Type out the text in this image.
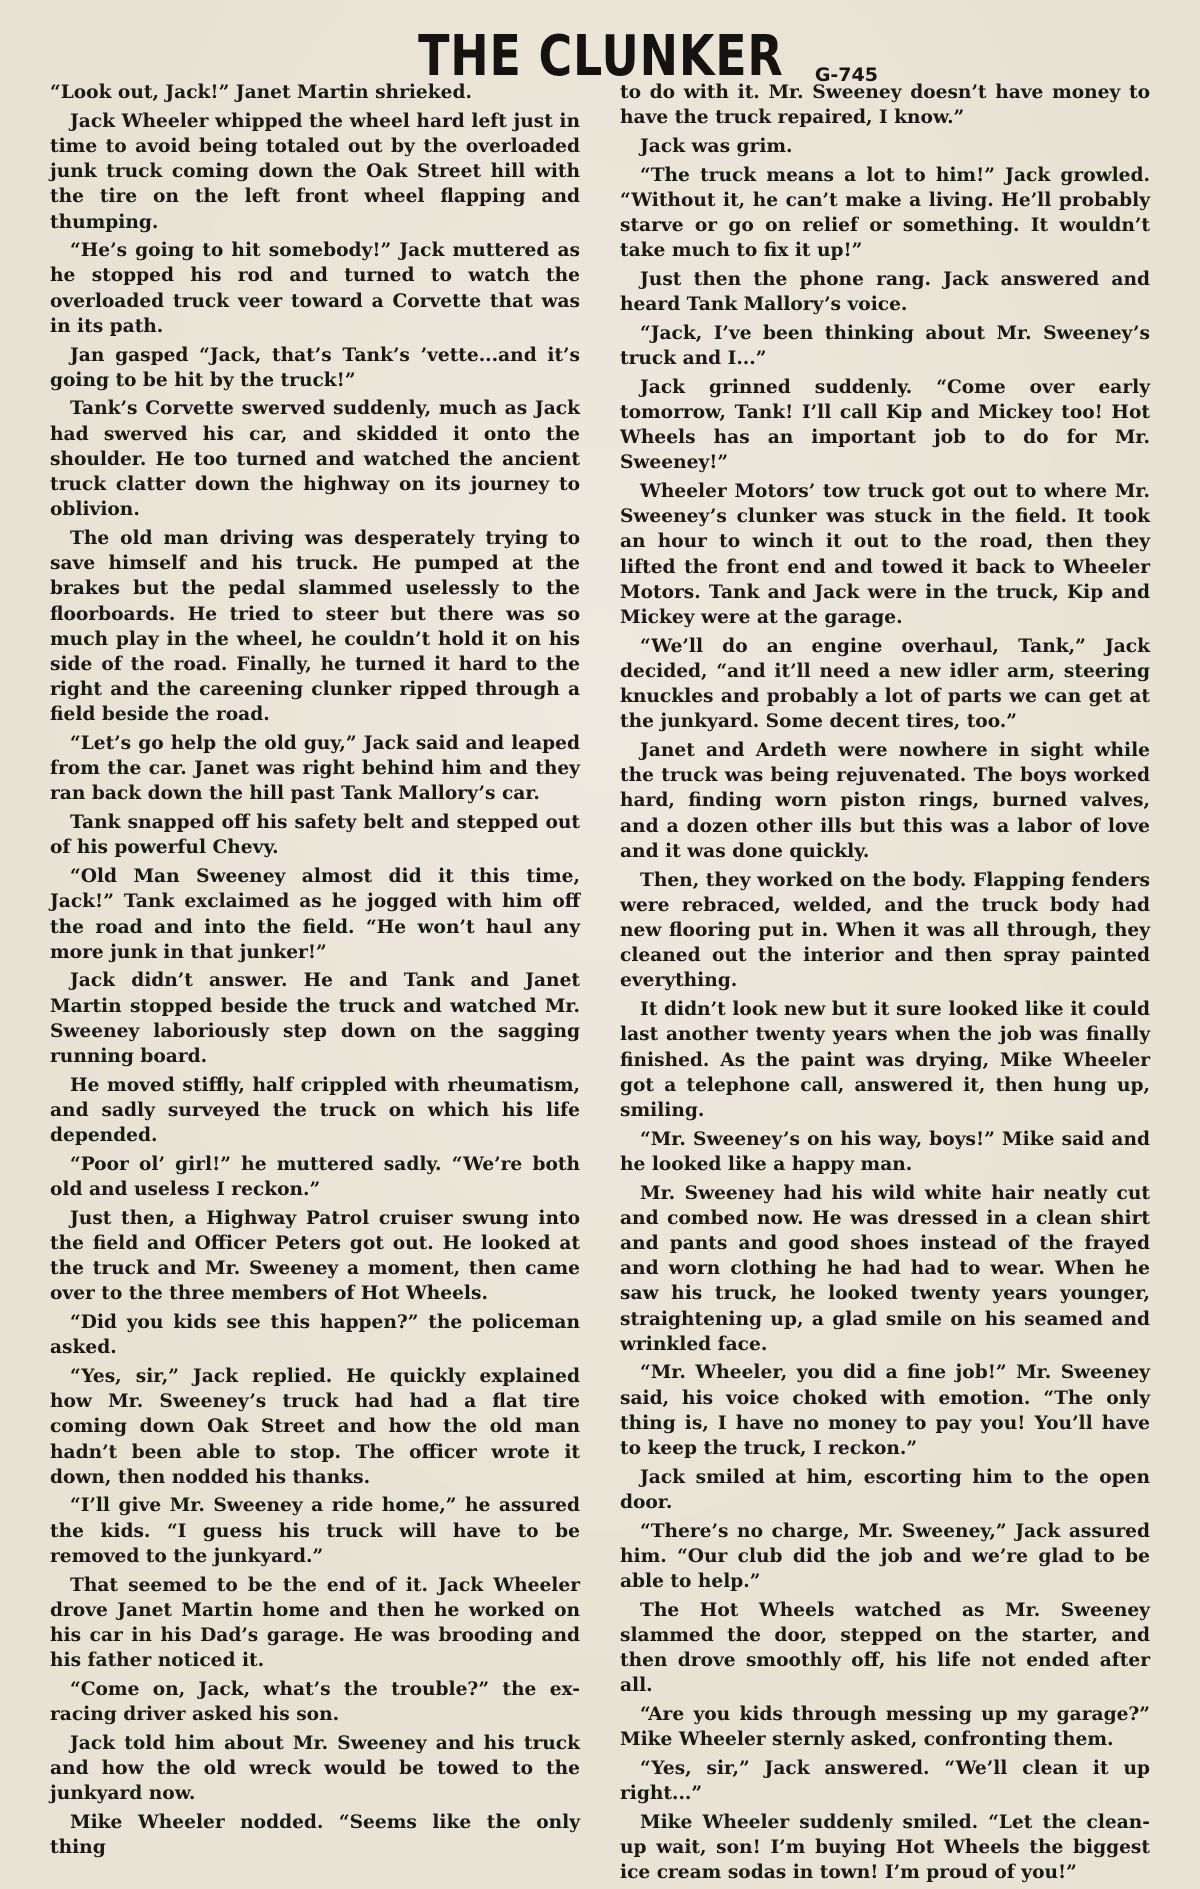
THE CLUNKER G-745

“Look out, Jack!” Janet Martin shrieked.

Jack Wheeler whipped the wheel hard left just in time to avoid being totaled out by the overloaded junk truck coming down the Oak Street hill with the tire on the left front wheel flapping and thumping.

“He’s going to hit somebody!” Jack muttered as he stopped his rod and turned to watch the overloaded truck veer toward a Corvette that was in its path.

Jan gasped “Jack, that’s Tank’s ’vette...and it’s going to be hit by the truck!”

Tank’s Corvette swerved suddenly, much as Jack had swerved his car, and skidded it onto the shoulder. He too turned and watched the ancient truck clatter down the highway on its journey to oblivion.

The old man driving was desperately trying to save himself and his truck. He pumped at the brakes but the pedal slammed uselessly to the floorboards. He tried to steer but there was so much play in the wheel, he couldn’t hold it on his side of the road. Finally, he turned it hard to the right and the careening clunker ripped through a field beside the road.

“Let’s go help the old guy,” Jack said and leaped from the car. Janet was right behind him and they ran back down the hill past Tank Mallory’s car.

Tank snapped off his safety belt and stepped out of his powerful Chevy.

“Old Man Sweeney almost did it this time, Jack!” Tank exclaimed as he jogged with him off the road and into the field. “He won’t haul any more junk in that junker!”

Jack didn’t answer. He and Tank and Janet Martin stopped beside the truck and watched Mr. Sweeney laboriously step down on the sagging running board.

He moved stiffly, half crippled with rheumatism, and sadly surveyed the truck on which his life depended.

“Poor ol’ girl!” he muttered sadly. “We’re both old and useless I reckon.”

Just then, a Highway Patrol cruiser swung into the field and Officer Peters got out. He looked at the truck and Mr. Sweeney a moment, then came over to the three members of Hot Wheels.

“Did you kids see this happen?” the policeman asked.

“Yes, sir,” Jack replied. He quickly explained how Mr. Sweeney’s truck had had a flat tire coming down Oak Street and how the old man hadn’t been able to stop. The officer wrote it down, then nodded his thanks.

“I’ll give Mr. Sweeney a ride home,” he assured the kids. “I guess his truck will have to be removed to the junkyard.”

That seemed to be the end of it. Jack Wheeler drove Janet Martin home and then he worked on his car in his Dad’s garage. He was brooding and his father noticed it.

“Come on, Jack, what’s the trouble?” the ex-racing driver asked his son.

Jack told him about Mr. Sweeney and his truck and how the old wreck would be towed to the junkyard now.

Mike Wheeler nodded. “Seems like the only thing

to do with it. Mr. Sweeney doesn’t have money to have the truck repaired, I know.”

Jack was grim.

“The truck means a lot to him!” Jack growled. “Without it, he can’t make a living. He’ll probably starve or go on relief or something. It wouldn’t take much to fix it up!”

Just then the phone rang. Jack answered and heard Tank Mallory’s voice.

“Jack, I’ve been thinking about Mr. Sweeney’s truck and I...”

Jack grinned suddenly. “Come over early tomorrow, Tank! I’ll call Kip and Mickey too! Hot Wheels has an important job to do for Mr. Sweeney!”

Wheeler Motors’ tow truck got out to where Mr. Sweeney’s clunker was stuck in the field. It took an hour to winch it out to the road, then they lifted the front end and towed it back to Wheeler Motors. Tank and Jack were in the truck, Kip and Mickey were at the garage.

“We’ll do an engine overhaul, Tank,” Jack decided, “and it’ll need a new idler arm, steering knuckles and probably a lot of parts we can get at the junkyard. Some decent tires, too.”

Janet and Ardeth were nowhere in sight while the truck was being rejuvenated. The boys worked hard, finding worn piston rings, burned valves, and a dozen other ills but this was a labor of love and it was done quickly.

Then, they worked on the body. Flapping fenders were rebraced, welded, and the truck body had new flooring put in. When it was all through, they cleaned out the interior and then spray painted everything.

It didn’t look new but it sure looked like it could last another twenty years when the job was finally finished. As the paint was drying, Mike Wheeler got a telephone call, answered it, then hung up, smiling.

“Mr. Sweeney’s on his way, boys!” Mike said and he looked like a happy man.

Mr. Sweeney had his wild white hair neatly cut and combed now. He was dressed in a clean shirt and pants and good shoes instead of the frayed and worn clothing he had had to wear. When he saw his truck, he looked twenty years younger, straightening up, a glad smile on his seamed and wrinkled face.

“Mr. Wheeler, you did a fine job!” Mr. Sweeney said, his voice choked with emotion. “The only thing is, I have no money to pay you! You’ll have to keep the truck, I reckon.”

Jack smiled at him, escorting him to the open door.

“There’s no charge, Mr. Sweeney,” Jack assured him. “Our club did the job and we’re glad to be able to help.”

The Hot Wheels watched as Mr. Sweeney slammed the door, stepped on the starter, and then drove smoothly off, his life not ended after all.

“Are you kids through messing up my garage?” Mike Wheeler sternly asked, confronting them.

“Yes, sir,” Jack answered. “We’ll clean it up right...”

Mike Wheeler suddenly smiled. “Let the clean-up wait, son! I’m buying Hot Wheels the biggest ice cream sodas in town! I’m proud of you!”
